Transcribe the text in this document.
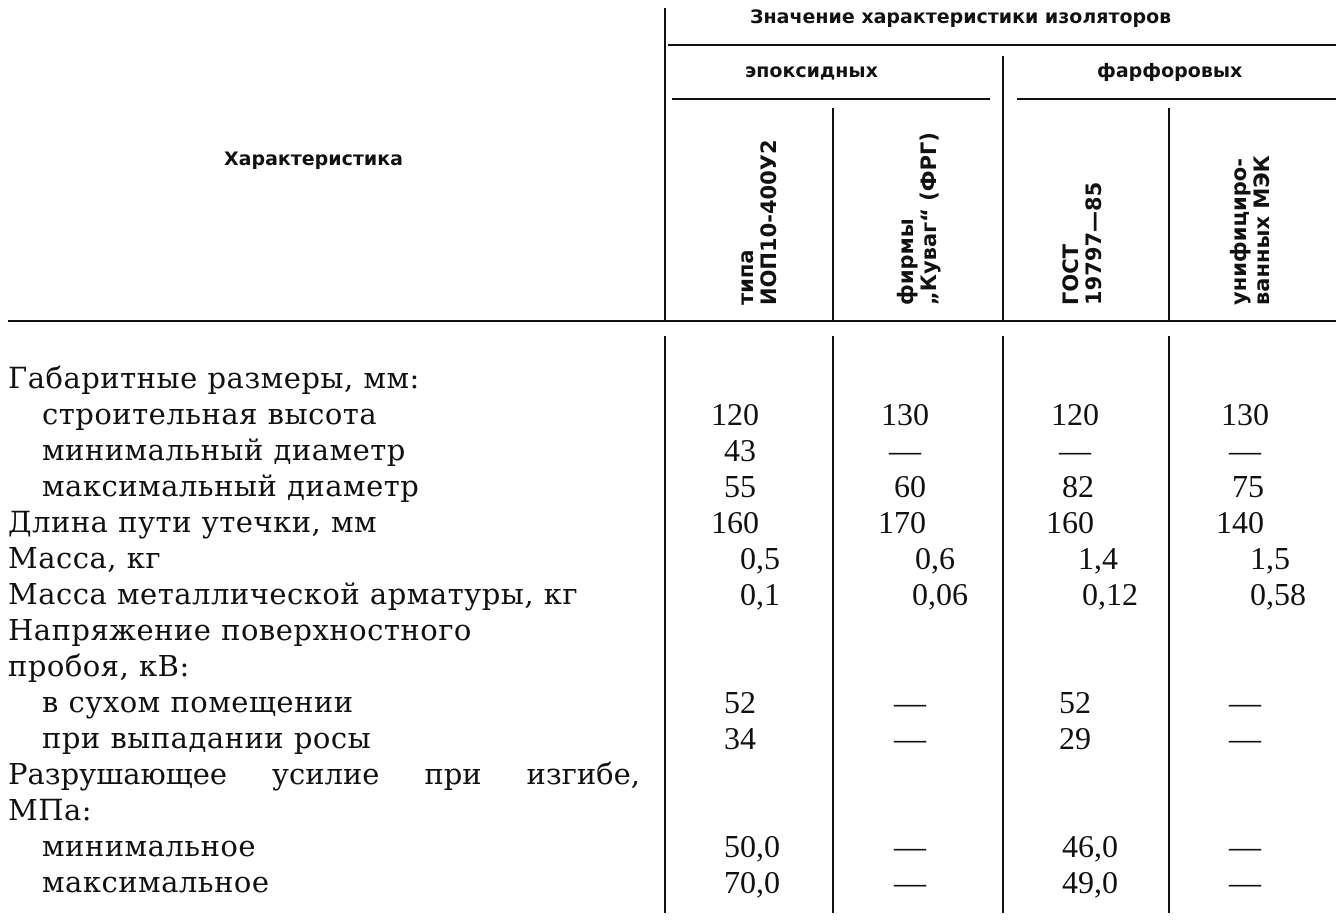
Характеристика
Значение характеристики изоляторов
эпоксидных	фарфоровых
типа ИОП10-400У2	фирмы „Куваг“ (ФРГ)	ГОСТ 19797—85	унифициро- ванных МЭК
Габаритные размеры, мм:
строительная высота	120	130	120	130
минимальный диаметр	43	—	—	—
максимальный диаметр	55	60	82	75
Длина пути утечки, мм	160	170	160	140
Масса, кг	0,5	0,6	1,4	1,5
Масса металлической арматуры, кг	0,1	0,06	0,12	0,58
Напряжение поверхностного
пробоя, кВ:
в сухом помещении	52	—	52	—
при выпадании росы	34	—	29	—
Разрушающее усилие при изгибе,
МПа:
минимальное	50,0	—	46,0	—
максимальное	70,0	—	49,0	—
